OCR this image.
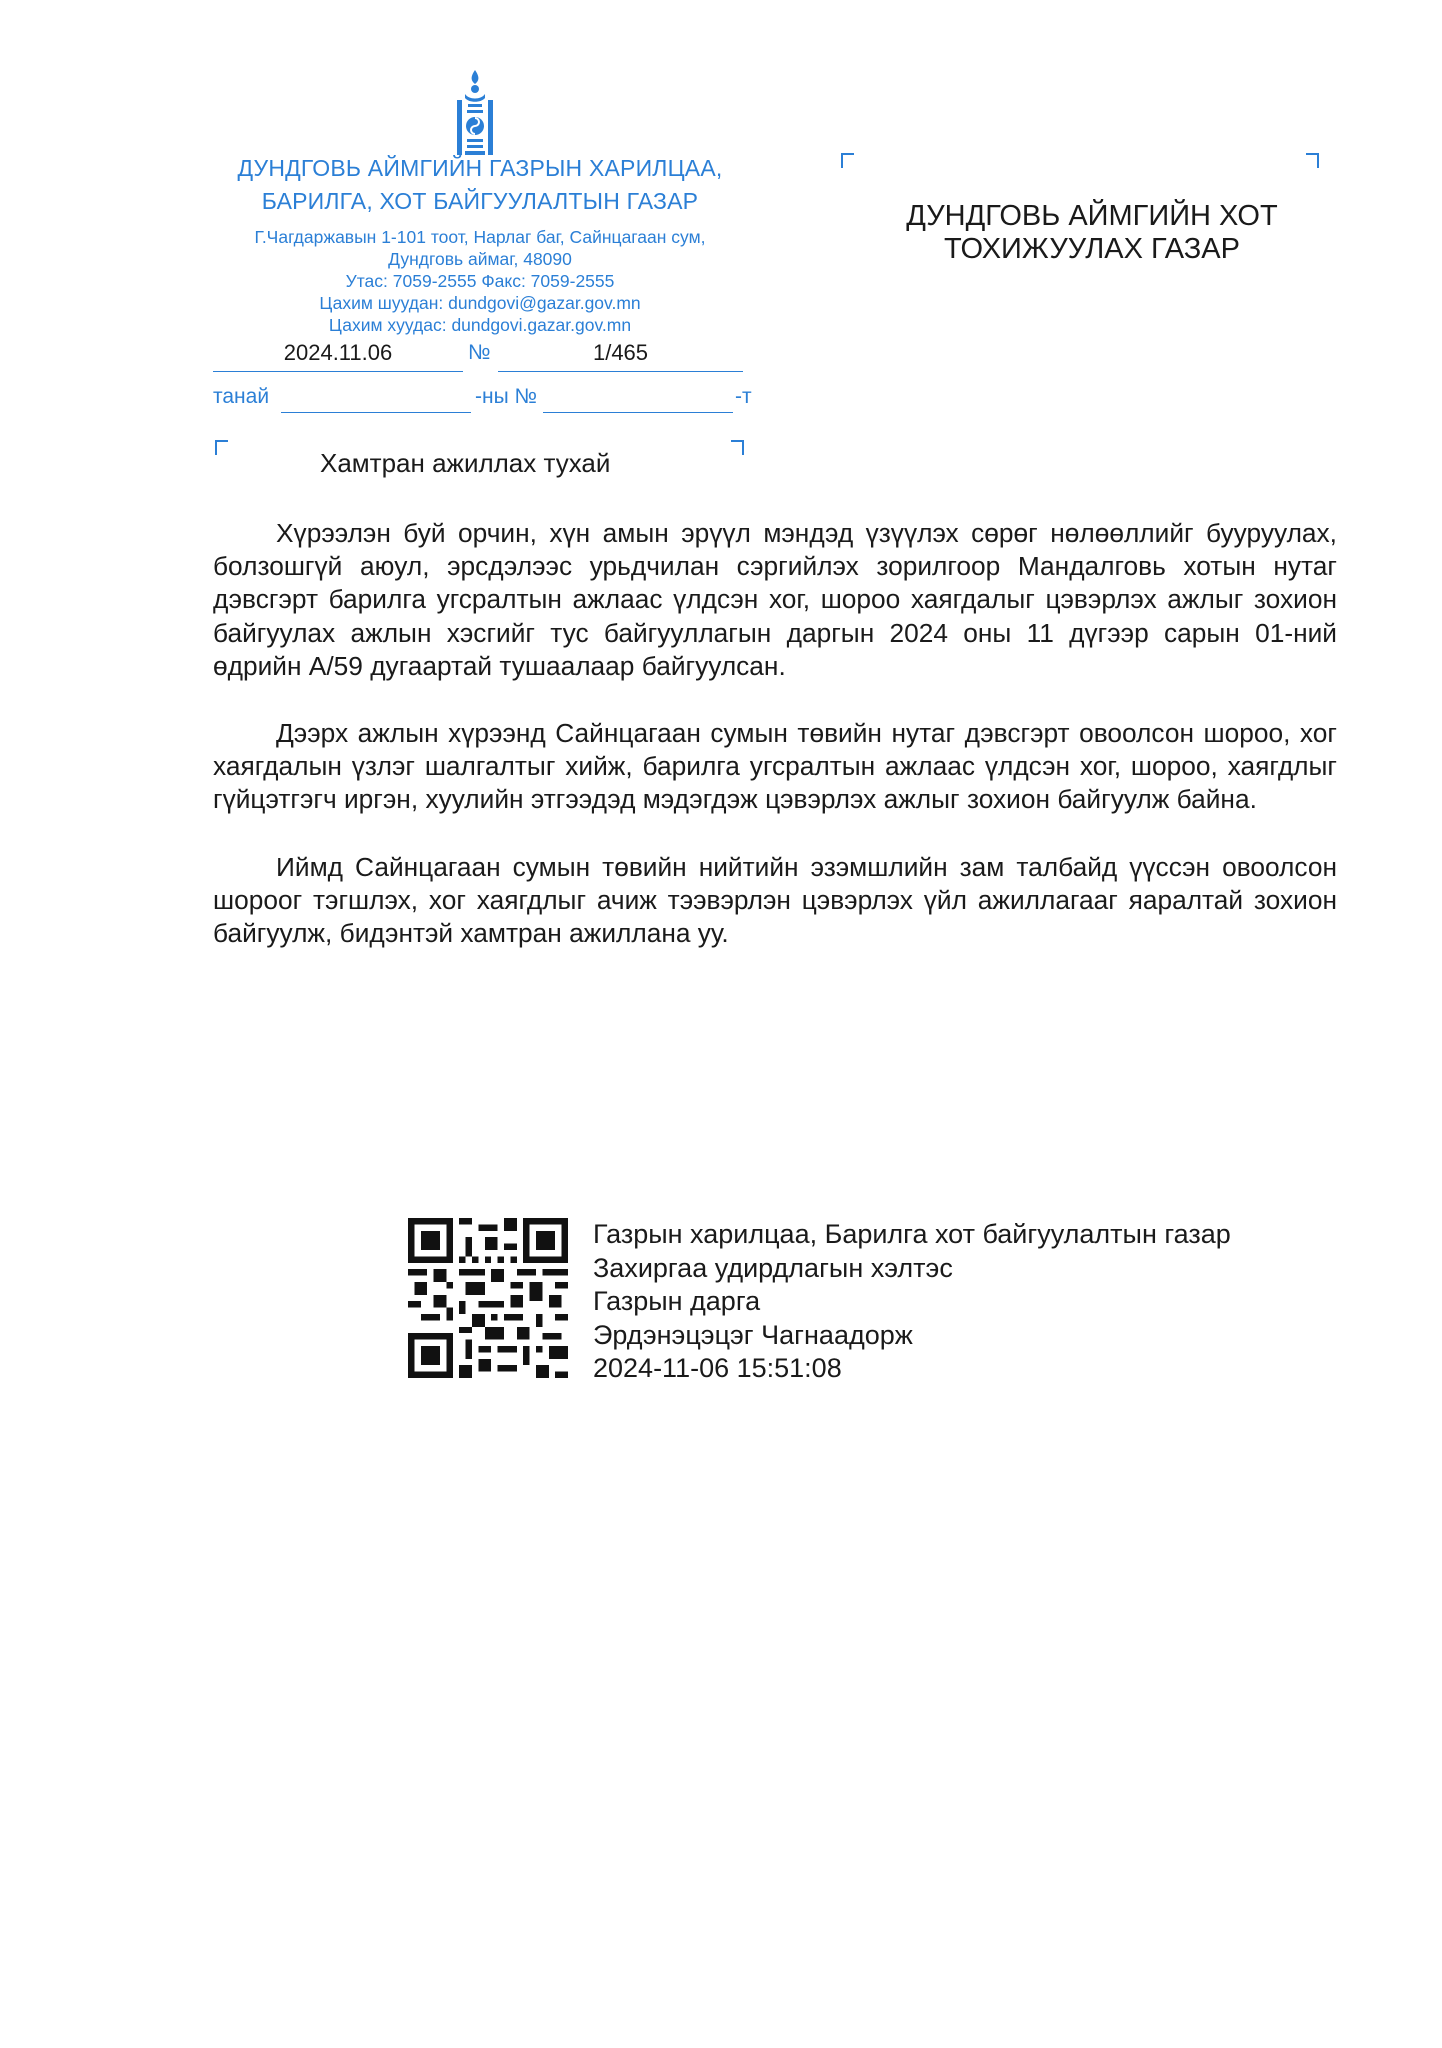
ДУНДГОВЬ АЙМГИЙН ГАЗРЫН ХАРИЛЦАА,
БАРИЛГА, ХОТ БАЙГУУЛАЛТЫН ГАЗАР
Г.Чагдаржавын 1-101 тоот, Нарлаг баг, Сайнцагаан сум,
Дундговь аймаг, 48090
Утас: 7059-2555 Факс: 7059-2555
Цахим шуудан: dundgovi@gazar.gov.mn
Цахим хуудас: dundgovi.gazar.gov.mn
2024.11.06	№	1/465
танай	-ны №	-т
ДУНДГОВЬ АЙМГИЙН ХОТ
ТОХИЖУУЛАХ ГАЗАР
Хамтран ажиллах тухай

Хүрээлэн буй орчин, хүн амын эрүүл мэндэд үзүүлэх сөрөг нөлөөллийг бууруулах, болзошгүй аюул, эрсдэлээс урьдчилан сэргийлэх зорилгоор Мандалговь хотын нутаг дэвсгэрт барилга угсралтын ажлаас үлдсэн хог, шороо хаягдалыг цэвэрлэх ажлыг зохион байгуулах ажлын хэсгийг тус байгууллагын даргын 2024 оны 11 дүгээр сарын 01-ний өдрийн А/59 дугаартай тушаалаар байгуулсан.

Дээрх ажлын хүрээнд Сайнцагаан сумын төвийн нутаг дэвсгэрт овоолсон шороо, хог хаягдалын үзлэг шалгалтыг хийж, барилга угсралтын ажлаас үлдсэн хог, шороо, хаягдлыг гүйцэтгэгч иргэн, хуулийн этгээдэд мэдэгдэж цэвэрлэх ажлыг зохион байгуулж байна.

Иймд Сайнцагаан сумын төвийн нийтийн эзэмшлийн зам талбайд үүссэн овоолсон шороог тэгшлэх, хог хаягдлыг ачиж тээвэрлэн цэвэрлэх үйл ажиллагааг яаралтай зохион байгуулж, бидэнтэй хамтран ажиллана уу.

Газрын харилцаа, Барилга хот байгуулалтын газар
Захиргаа удирдлагын хэлтэс
Газрын дарга
Эрдэнэцэцэг Чагнаадорж
2024-11-06 15:51:08
